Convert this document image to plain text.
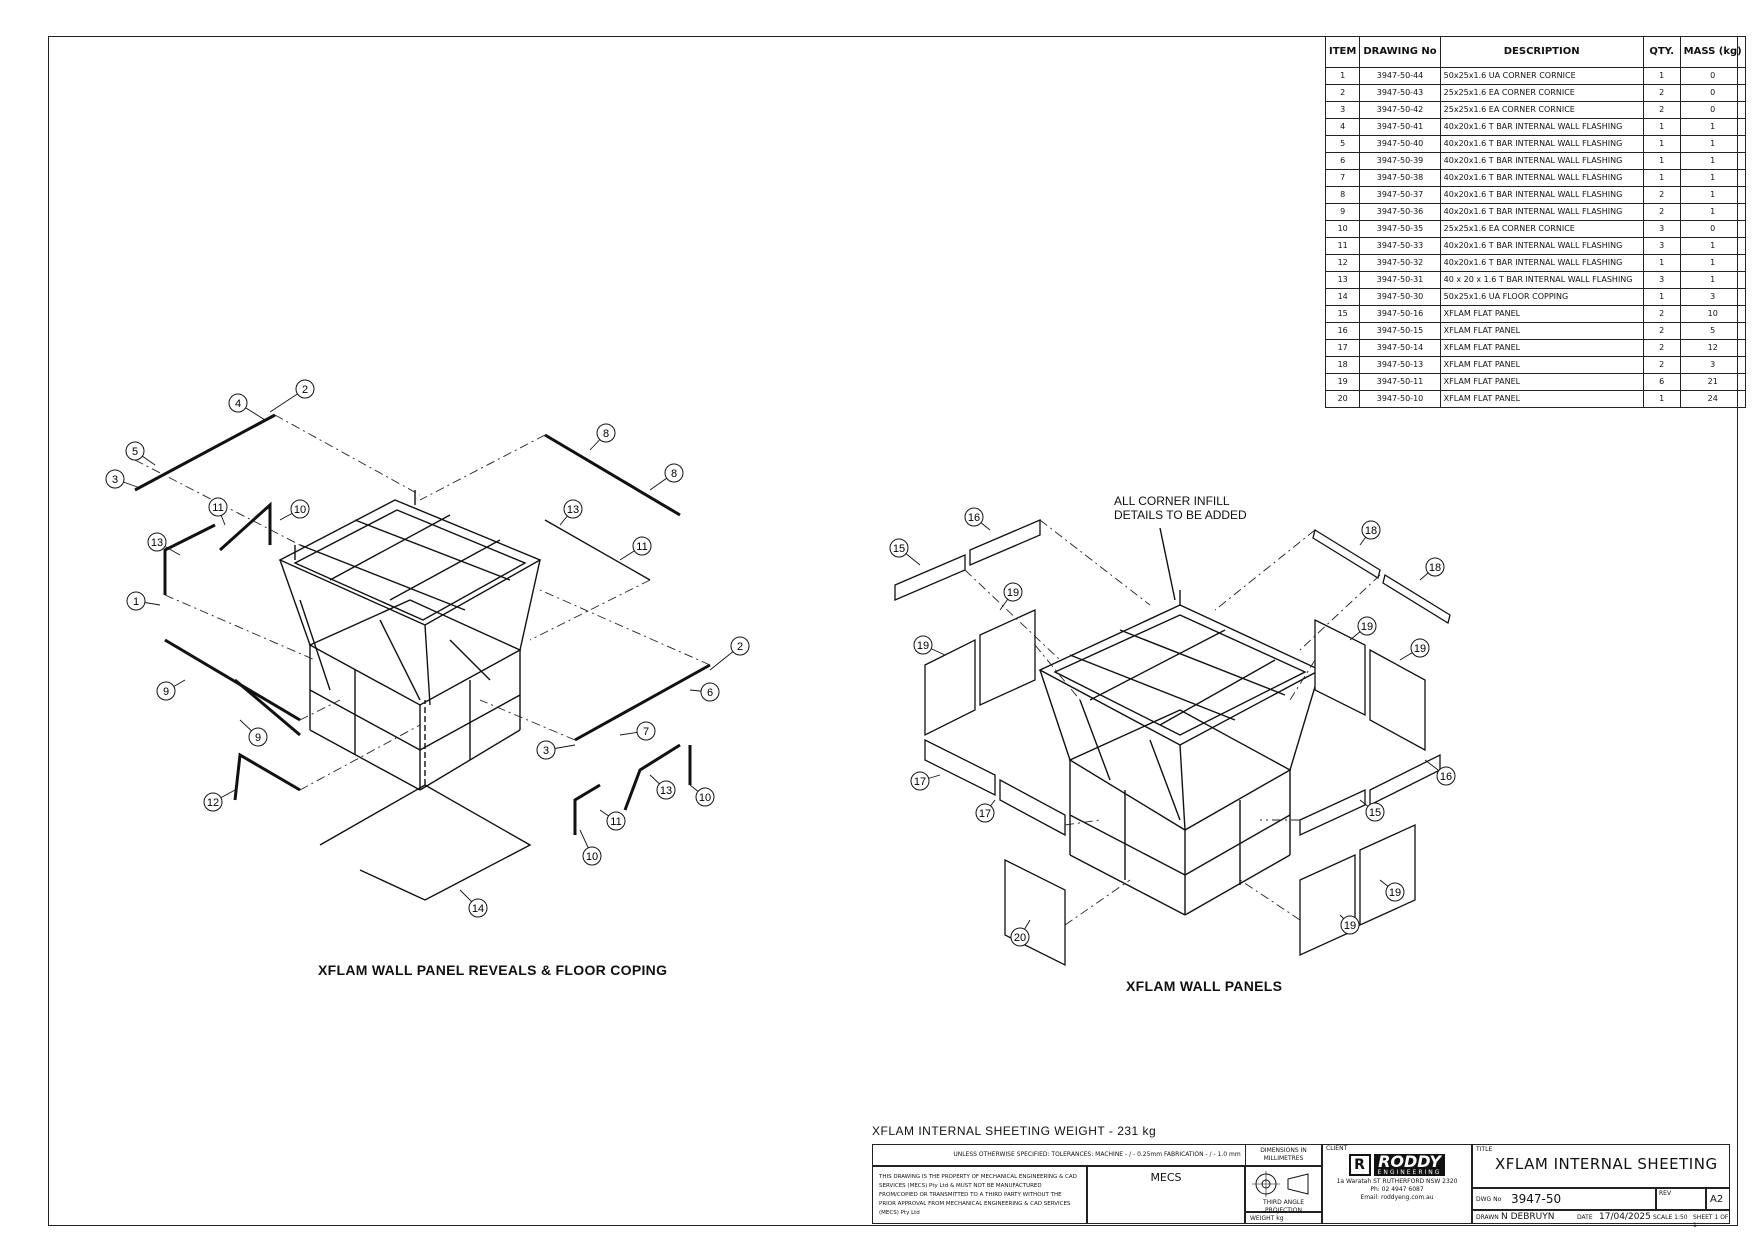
ITEM	DRAWING No	DESCRIPTION	QTY.	MASS (kg)
1	3947-50-44	50x25x1.6 UA CORNER CORNICE	1	0
2	3947-50-43	25x25x1.6 EA CORNER CORNICE	2	0
3	3947-50-42	25x25x1.6 EA CORNER CORNICE	2	0
4	3947-50-41	40x20x1.6 T BAR INTERNAL WALL FLASHING	1	1
5	3947-50-40	40x20x1.6 T BAR INTERNAL WALL FLASHING	1	1
6	3947-50-39	40x20x1.6 T BAR INTERNAL WALL FLASHING	1	1
7	3947-50-38	40x20x1.6 T BAR INTERNAL WALL FLASHING	1	1
8	3947-50-37	40x20x1.6 T BAR INTERNAL WALL FLASHING	2	1
9	3947-50-36	40x20x1.6 T BAR INTERNAL WALL FLASHING	2	1
10	3947-50-35	25x25x1.6 EA CORNER CORNICE	3	0
11	3947-50-33	40x20x1.6 T BAR INTERNAL WALL FLASHING	3	1
12	3947-50-32	40x20x1.6 T BAR INTERNAL WALL FLASHING	1	1
13	3947-50-31	40 x 20 x 1.6 T BAR INTERNAL WALL FLASHING	3	1
14	3947-50-30	50x25x1.6 UA FLOOR COPPING	1	3
15	3947-50-16	XFLAM FLAT PANEL	2	10
16	3947-50-15	XFLAM FLAT PANEL	2	5
17	3947-50-14	XFLAM FLAT PANEL	2	12
18	3947-50-13	XFLAM FLAT PANEL	2	3
19	3947-50-11	XFLAM FLAT PANEL	6	21
20	3947-50-10	XFLAM FLAT PANEL	1	24
4
2
5
3
8
8
11	10
13
13
11
1
2
6
9
9
3
7
12
13
10
11
10
14
16
15
18
18
19
19
19
19
17
17
16
15
20
19
19
ALL CORNER INFILL DETAILS TO BE ADDED
XFLAM WALL PANEL REVEALS & FLOOR COPING
XFLAM WALL PANELS
XFLAM INTERNAL SHEETING WEIGHT - 231 kg
UNLESS OTHERWISE SPECIFIED: TOLERANCES: MACHINE - / - 0.25mm FABRICATION - / - 1.0 mm
DIMENSIONS IN MILLIMETRES
THIS DRAWING IS THE PROPERTY OF MECHANICAL ENGINEERING & CAD SERVICES (MECS) Pty Ltd & MUST NOT BE MANUFACTURED FROM/COPIED OR TRANSMITTED TO A THIRD PARTY WITHOUT THE PRIOR APPROVAL FROM MECHANICAL ENGINEERING & CAD SERVICES (MECS) Pty Ltd
MECS
THIRD ANGLE PROJECTION
WEIGHT kg
CLIENT
R RODDY
ENGINEERING
1a Waratah ST RUTHERFORD NSW 2320
Ph: 02 4947 6087
Email: roddyeng.com.au
TITLE
XFLAM INTERNAL SHEETING
DWG No 3947-50	REV
A2
DRAWN N DEBRUYN	DATE 17/04/2025 SCALE 1:50 SHEET 1 OF 1
